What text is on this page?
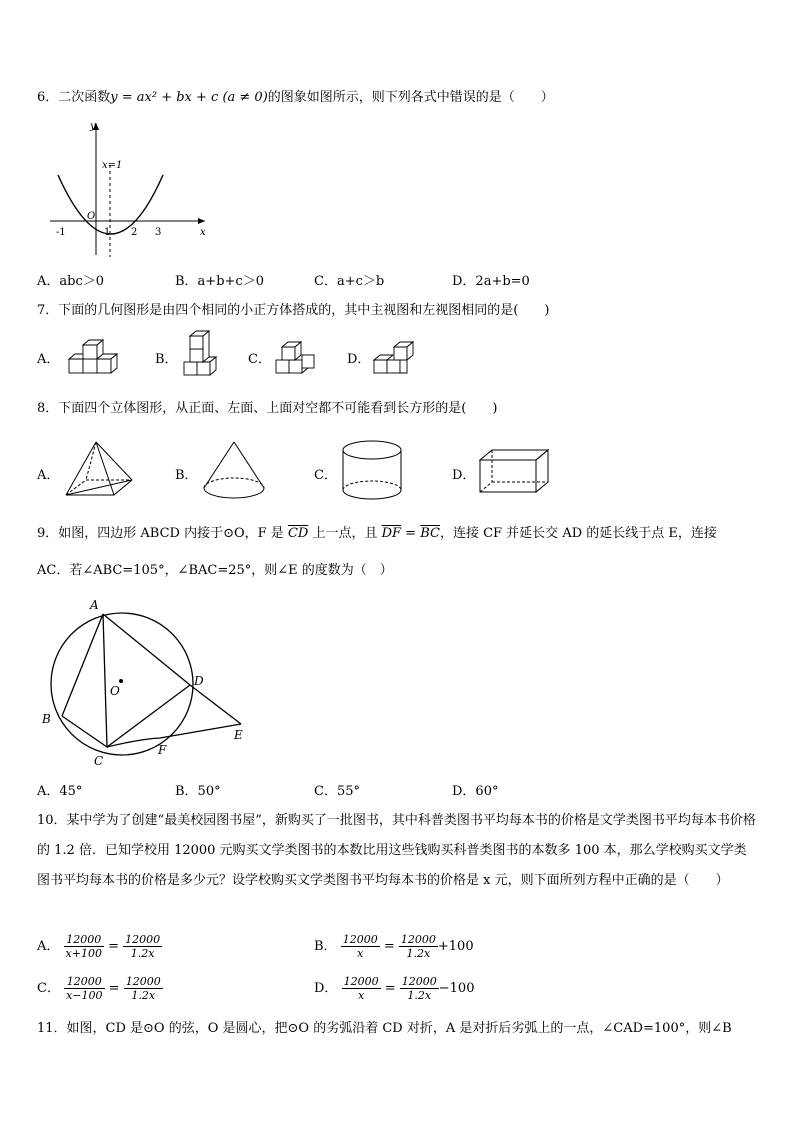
6．二次函数y = ax² + bx + c (a ≠ 0)的图象如图所示，则下列各式中错误的是（　　）
y
x
O
x=1
-1	1 2 3
A．abc＞0	B．a+b+c＞0	C．a+c＞b	D．2a+b=0
7．下面的几何图形是由四个相同的小正方体搭成的，其中主视图和左视图相同的是(　　)
A．	B．	C．	D．
8．下面四个立体图形，从正面、左面、上面对空都不可能看到长方形的是(　　)
A．	B．	C．	D．
9．如图，四边形 ABCD 内接于⊙O，F 是 $\overline{CD}$ 上一点，且 $\overline{DF} = \overline{BC}$，连接 CF 并延长交 AD 的延长线于点 E，连接
AC．若∠ABC=105°，∠BAC=25°，则∠E 的度数为（　）
A
B
C
D
E
F
O
A．45°	B．50°	C．55°	D．60°
10．某中学为了创建“最美校园图书屋”，新购买了一批图书，其中科普类图书平均每本书的价格是文学类图书平均每本书价格的 1.2 倍．已知学校用 12000 元购买文学类图书的本数比用这些钱购买科普类图书的本数多 100 本，那么学校购买文学类图书平均每本书的价格是多少元？设学校购买文学类图书平均每本书的价格是 x 元，则下面所列方程中正确的是（　　）
A． $\frac{12000}{x+100} = \frac{12000}{1.2x}$	B． $\frac{12000}{x} = \frac{12000}{1.2x} +100$
C． $\frac{12000}{x-100} = \frac{12000}{1.2x}$	D． $\frac{12000}{x} = \frac{12000}{1.2x} -100$
11．如图，CD 是⊙O 的弦，O 是圆心，把⊙O 的劣弧沿着 CD 对折，A 是对折后劣弧上的一点，∠CAD=100°，则∠B
